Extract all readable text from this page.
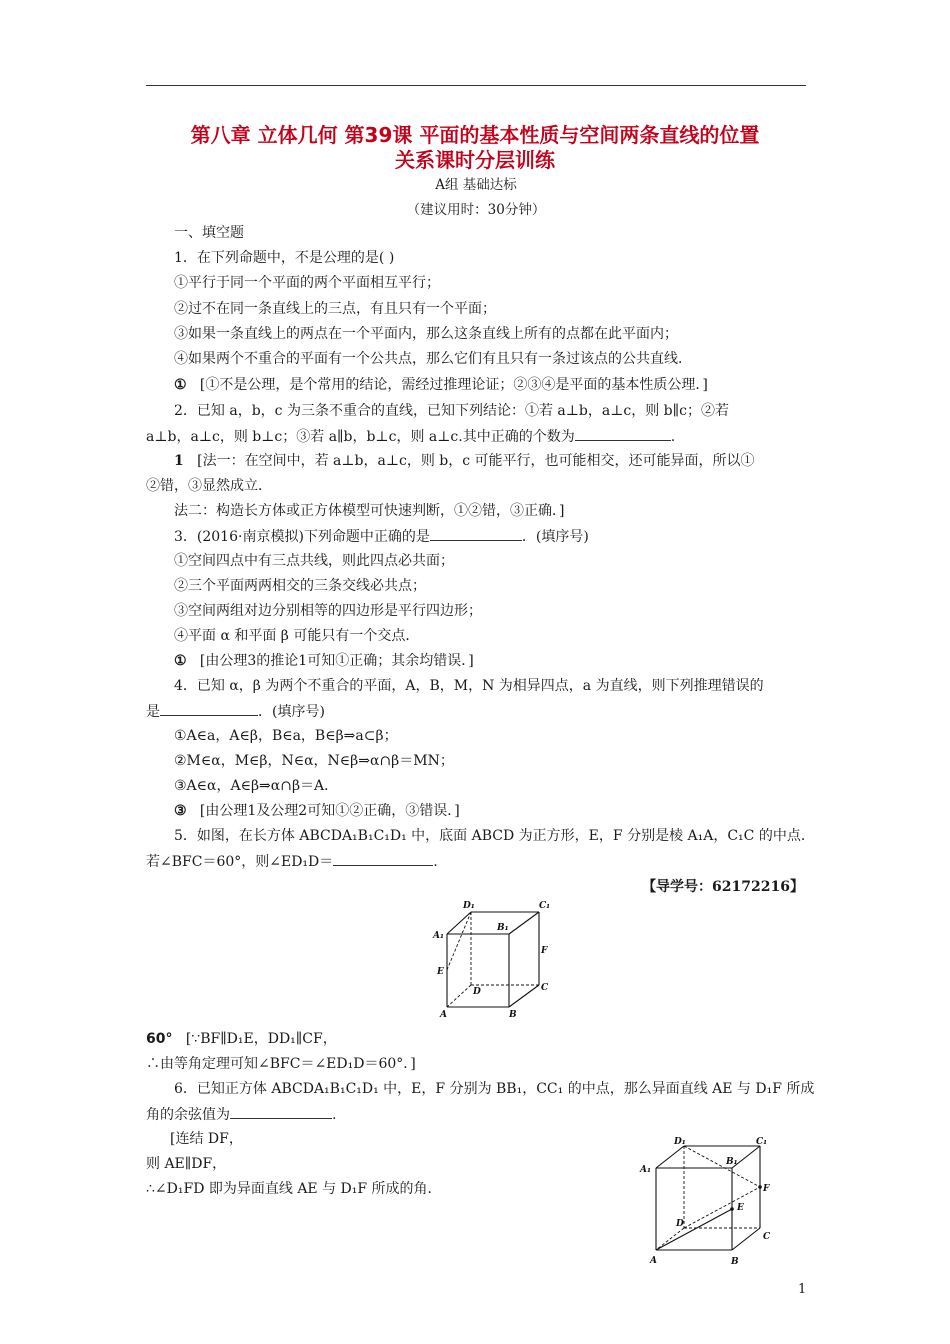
第八章 立体几何 第39课 平面的基本性质与空间两条直线的位置
关系课时分层训练
A组 基础达标
（建议用时：30分钟）
一、填空题
1．在下列命题中，不是公理的是( )
①平行于同一个平面的两个平面相互平行；
②过不在同一条直线上的三点，有且只有一个平面；
③如果一条直线上的两点在一个平面内，那么这条直线上所有的点都在此平面内；
④如果两个不重合的平面有一个公共点，那么它们有且只有一条过该点的公共直线．
① [①不是公理，是个常用的结论，需经过推理论证；②③④是平面的基本性质公理．]
2．已知 a，b，c 为三条不重合的直线，已知下列结论：①若 a⊥b，a⊥c，则 b∥c；②若
a⊥b，a⊥c，则 b⊥c；③若 a∥b，b⊥c，则 a⊥c.其中正确的个数为	.
1 [法一：在空间中，若 a⊥b，a⊥c，则 b，c 可能平行，也可能相交，还可能异面，所以①
②错，③显然成立．
法二：构造长方体或正方体模型可快速判断，①②错，③正确．]
3．(2016·南京模拟)下列命题中正确的是	．(填序号)
①空间四点中有三点共线，则此四点必共面；
②三个平面两两相交的三条交线必共点；
③空间两组对边分别相等的四边形是平行四边形；
④平面 α 和平面 β 可能只有一个交点．
① [由公理3的推论1可知①正确；其余均错误．]
4．已知 α，β 为两个不重合的平面，A，B，M，N 为相异四点，a 为直线，则下列推理错误的
是	．(填序号)
①A∈a，A∈β，B∈a，B∈β⇒a⊂β；
②M∈α，M∈β，N∈α，N∈β⇒α∩β＝MN；
③A∈α，A∈β⇒α∩β＝A．
③ [由公理1及公理2可知①②正确，③错误．]
5．如图，在长方体 ABCDA₁B₁C₁D₁ 中，底面 ABCD 为正方形，E，F 分别是棱 A₁A，C₁C 的中点．
若∠BFC＝60°，则∠ED₁D＝	.
【导学号：62172216】
D₁	C₁
A₁
B₁
F
E
D	C
A	B
60° [∵BF∥D₁E，DD₁∥CF，
∴由等角定理可知∠BFC＝∠ED₁D＝60°．]
6．已知正方体 ABCDA₁B₁C₁D₁ 中，E，F 分别为 BB₁，CC₁ 的中点，那么异面直线 AE 与 D₁F 所成
角的余弦值为	.
[连结 DF，
则 AE∥DF，
∴∠D₁FD 即为异面直线 AE 与 D₁F 所成的角．
D₁	C₁
A₁
B₁
F
E
D
C
A	B
1
